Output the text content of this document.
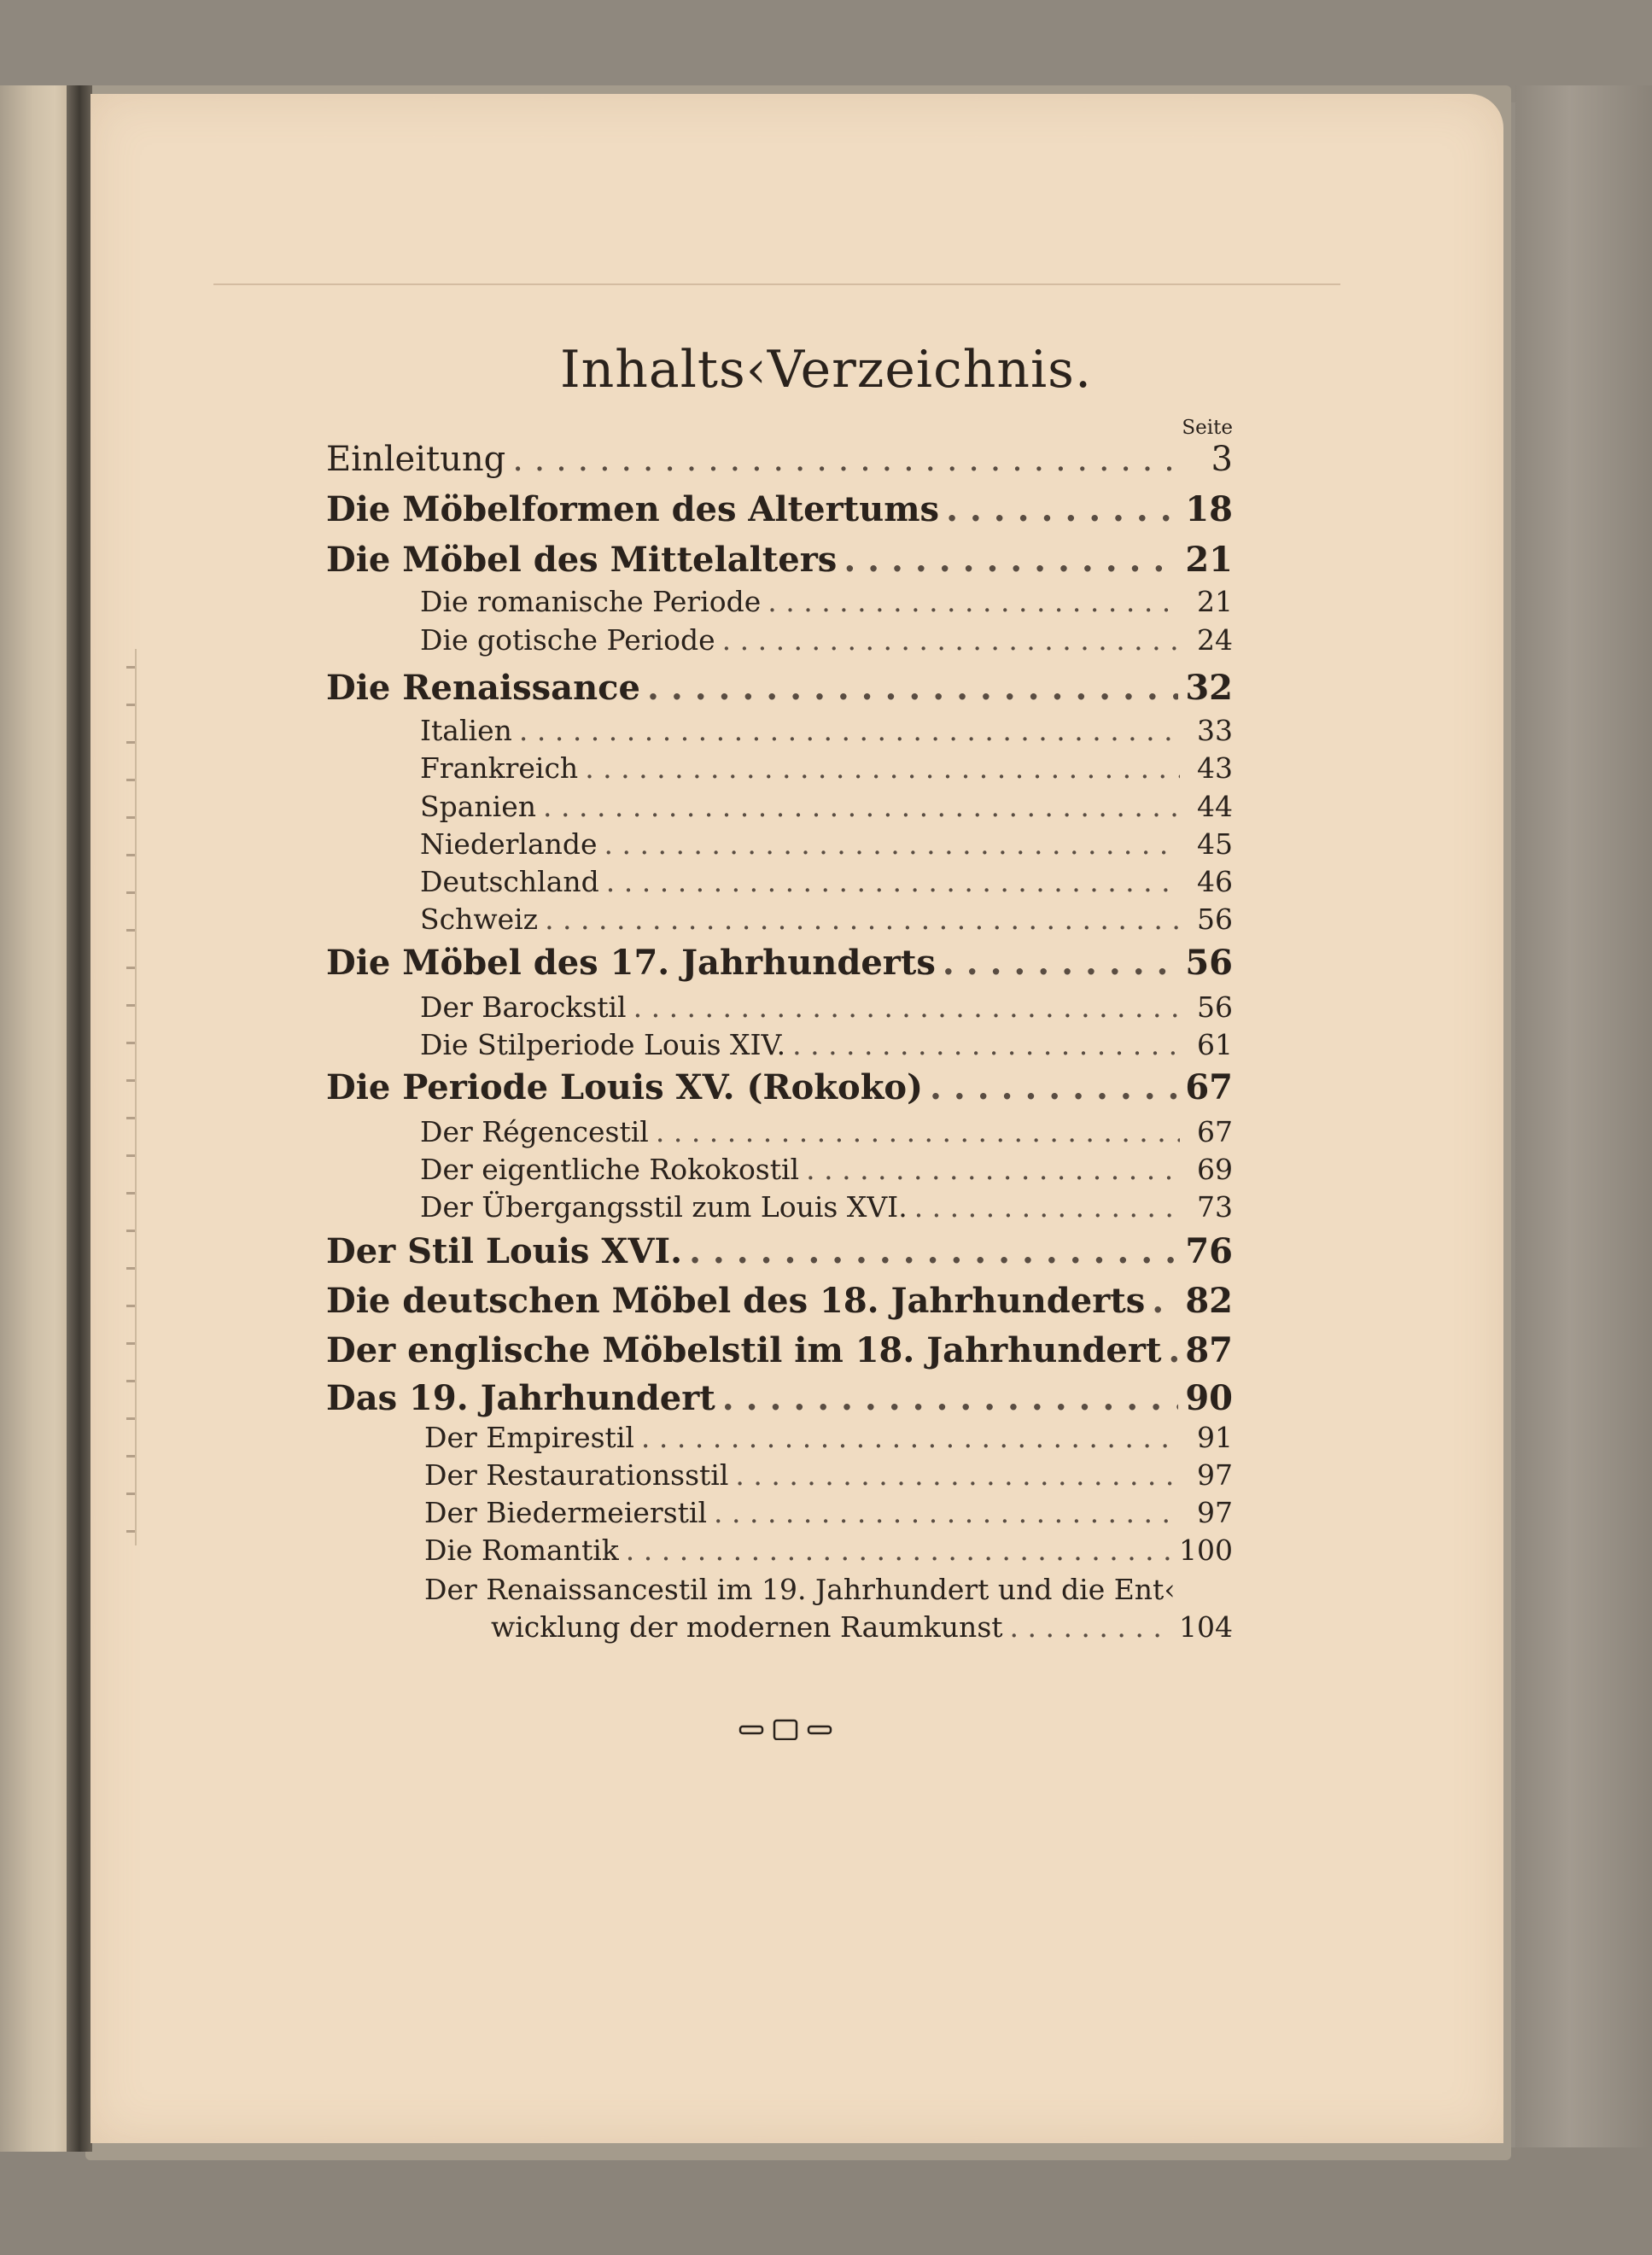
Inhalts‹Verzeichnis.
Seite
Einleitung . . .	3
Die Möbelformen des Altertums . . .	18
Die Möbel des Mittelalters . . .	21
Die romanische Periode . . .	21
Die gotische Periode . . .	24
Die Renaissance . . .	32
Italien . . .	33
Frankreich . . .	43
Spanien . . .	44
Niederlande . . .	45
Deutschland . . .	46
Schweiz . . .	56
Die Möbel des 17. Jahrhunderts . . .	56
Der Barockstil . . .	56
Die Stilperiode Louis XIV. . . .	61
Die Periode Louis XV. (Rokoko) . . .	67
Der Régencestil . . .	67
Der eigentliche Rokokostil . . .	69
Der Übergangsstil zum Louis XVI. . . .	73
Der Stil Louis XVI. . . .	76
Die deutschen Möbel des 18. Jahrhunderts . . . 82
Der englische Möbelstil im 18. Jahrhundert . . . 87
Das 19. Jahrhundert . . .	90
Der Empirestil . . .	91
Der Restaurationsstil . . .	97
Der Biedermeierstil . . .	97
Die Romantik . . .	100
Der Renaissancestil im 19. Jahrhundert und die Ent‹
wicklung der modernen Raumkunst . . .	104
